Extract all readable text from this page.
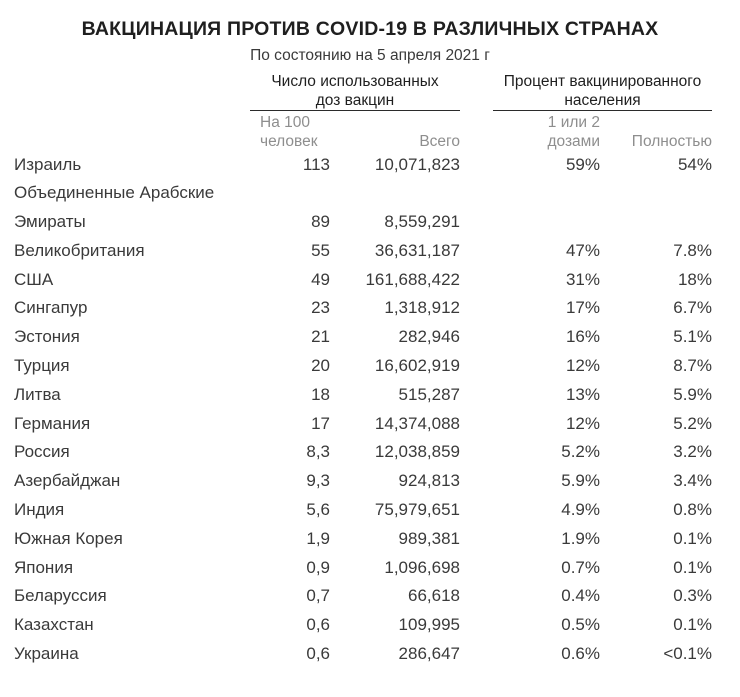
ВАКЦИНАЦИЯ ПРОТИВ COVID-19 В РАЗЛИЧНЫХ СТРАНАХ
По состоянию на 5 апреля 2021 г

Число использованных
доз вакцин

Процент вакцинированного
населения

На 100
человек	Всего

1 или 2
дозами	Полностью

Израиль	113	10,071,823		59%	54%
Объединенные Арабские
Эмираты	89	8,559,291			
Великобритания	55	36,631,187		47%	7.8%
США	49	161,688,422		31%	18%
Сингапур	23	1,318,912		17%	6.7%
Эстония	21	282,946		16%	5.1%
Турция	20	16,602,919		12%	8.7%
Литва	18	515,287		13%	5.9%
Германия	17	14,374,088		12%	5.2%
Россия	8,3	12,038,859		5.2%	3.2%
Азербайджан	9,3	924,813		5.9%	3.4%
Индия	5,6	75,979,651		4.9%	0.8%
Южная Корея	1,9	989,381		1.9%	0.1%
Япония	0,9	1,096,698		0.7%	0.1%
Беларуссия	0,7	66,618		0.4%	0.3%
Казахстан	0,6	109,995		0.5%	0.1%
Украина	0,6	286,647		0.6%	<0.1%
